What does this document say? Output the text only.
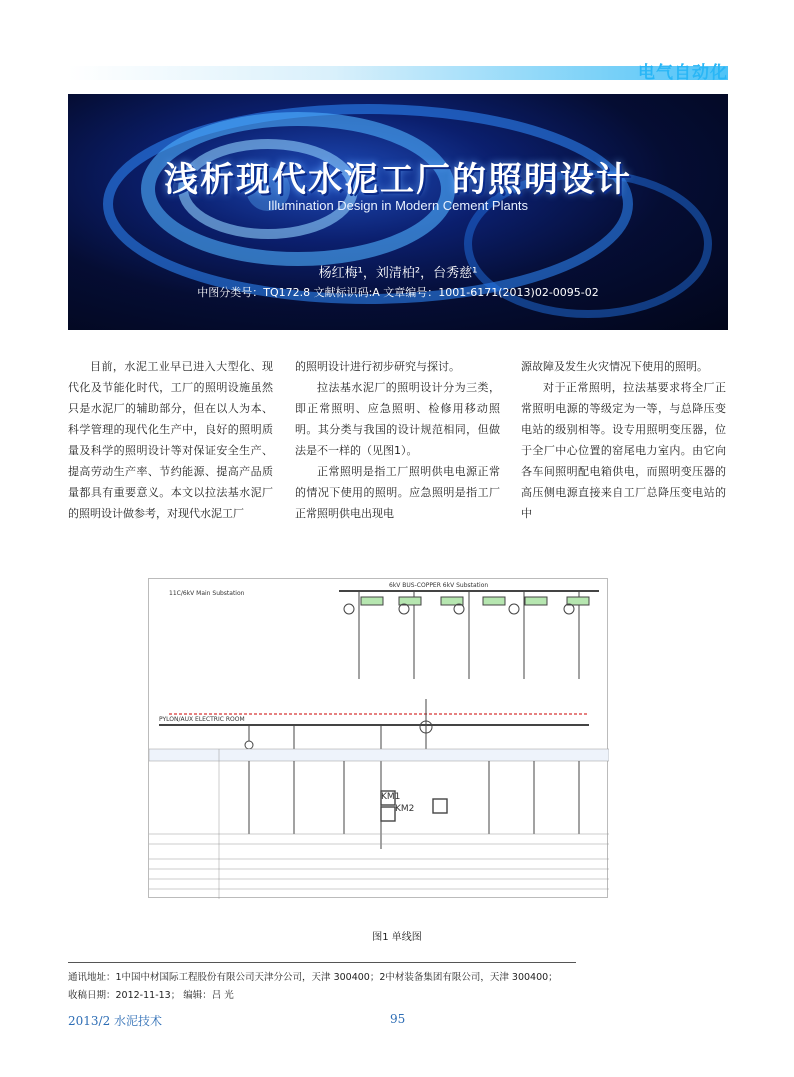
电气自动化
浅析现代水泥工厂的照明设计
Illumination Design in Modern Cement Plants
杨红梅¹，刘清柏²，台秀慈¹
中图分类号：TQ172.8 文献标识码:A 文章编号：1001-6171(2013)02-0095-02

目前，水泥工业早已进入大型化、现代化及节能化时代，工厂的照明设施虽然只是水泥厂的辅助部分，但在以人为本、科学管理的现代化生产中，良好的照明质量及科学的照明设计等对保证安全生产、提高劳动生产率、节约能源、提高产品质量都具有重要意义。本文以拉法基水泥厂的照明设计做参考，对现代水泥工厂

的照明设计进行初步研究与探讨。

拉法基水泥厂的照明设计分为三类，即正常照明、应急照明、检修用移动照明。其分类与我国的设计规范相同，但做法是不一样的（见图1）。

正常照明是指工厂照明供电电源正常的情况下使用的照明。应急照明是指工厂正常照明供电出现电

源故障及发生火灾情况下使用的照明。

对于正常照明，拉法基要求将全厂正常照明电源的等级定为一等，与总降压变电站的级别相等。设专用照明变压器，位于全厂中心位置的窑尾电力室内。由它向各车间照明配电箱供电，而照明变压器的高压侧电源直接来自工厂总降压变电站的中

11C/6kV Main Substation
6kV BUS-COPPER 6kV Substation
PYLON/AUX ELECTRIC ROOM
KM1
KM2
图1 单线图
通讯地址：1中国中材国际工程股份有限公司天津分公司，天津 300400；2中材装备集团有限公司，天津 300400；
收稿日期：2012-11-13； 编辑：吕 光
2013/2 水泥技术	95
